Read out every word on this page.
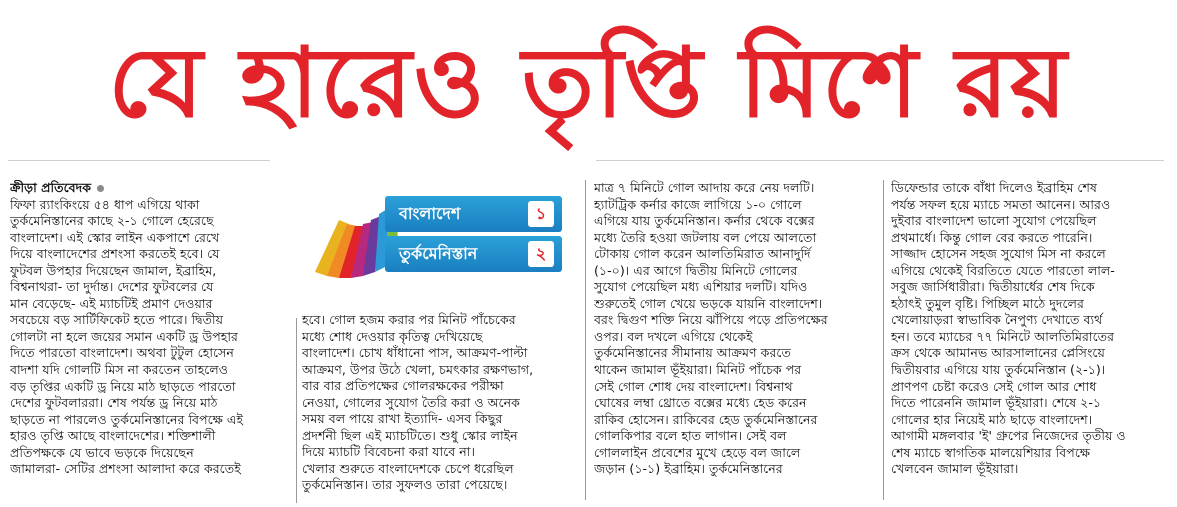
যে হারেও তৃপ্তি মিশে রয়
ক্রীড়া প্রতিবেদক
ফিফা র‍্যাংকিংয়ে ৫৪ ধাপ এগিয়ে থাকা
তুর্কমেনিস্তানের কাছে ২-১ গোলে হেরেছে
বাংলাদেশ। এই স্কোর লাইন একপাশে রেখে
দিয়ে বাংলাদেশের প্রশংসা করতেই হবে। যে
ফুটবল উপহার দিয়েছেন জামাল, ইব্রাহিম,
বিশ্বনাথরা- তা দুর্দান্ত। দেশের ফুটবলের যে
মান বেড়েছে- এই ম্যাচটিই প্রমাণ দেওয়ার
সবচেয়ে বড় সার্টিফিকেট হতে পারে। দ্বিতীয়
গোলটা না হলে জয়ের সমান একটি ড্র উপহার
দিতে পারতো বাংলাদেশ। অথবা টুটুল হোসেন
বাদশা যদি গোলটি মিস না করতেন তাহলেও
বড় তৃপ্তির একটি ড্র নিয়ে মাঠ ছাড়তে পারতো
দেশের ফুটবলাররা। শেষ পর্যন্ত ড্র নিয়ে মাঠ
ছাড়তে না পারলেও তুর্কমেনিস্তানের বিপক্ষে এই
হারও তৃপ্তি আছে বাংলাদেশের। শক্তিশালী
প্রতিপক্ষকে যে ভাবে ভড়কে দিয়েছেন
জামালরা- সেটির প্রশংসা আলাদা করে করতেই
বাংলাদেশ	১
তুর্কমেনিস্তান	২
হবে। গোল হজম করার পর মিনিট পাঁচেকের
মধ্যে শোধ দেওয়ার কৃতিত্ব দেখিয়েছে
বাংলাদেশ। চোখ ধাঁধানো পাস, আক্রমণ-পাল্টা
আক্রমণ, উপর উঠে খেলা, চমৎকার রক্ষণভাগ,
বার বার প্রতিপক্ষের গোলরক্ষকের পরীক্ষা
নেওয়া, গোলের সুযোগ তৈরি করা ও অনেক
সময় বল পায়ে রাখা ইত্যাদি- এসব কিছুর
প্রদর্শনী ছিল এই ম্যাচটিতে। শুধু স্কোর লাইন
দিয়ে ম্যাচটি বিবেচনা করা যাবে না।
খেলার শুরুতে বাংলাদেশকে চেপে ধরেছিল
তুর্কমেনিস্তান। তার সুফলও তারা পেয়েছে।
মাত্র ৭ মিনিটে গোল আদায় করে নেয় দলটি।
হ্যাটট্রিক কর্নার কাজে লাগিয়ে ১-০ গোলে
এগিয়ে যায় তুর্কমেনিস্তান। কর্নার থেকে বক্সের
মধ্যে তৈরি হওয়া জটলায় বল পেয়ে আলতো
টোকায় গোল করেন আলতিমিরাত আনাদুর্দি
(১-০)। এর আগে দ্বিতীয় মিনিটে গোলের
সুযোগ পেয়েছিল মধ্য এশিয়ার দলটি। যদিও
শুরুতেই গোল খেয়ে ভড়কে যায়নি বাংলাদেশ।
বরং দ্বিগুণ শক্তি নিয়ে ঝাঁপিয়ে পড়ে প্রতিপক্ষের
ওপর। বল দখলে এগিয়ে থেকেই
তুর্কমেনিস্তানের সীমানায় আক্রমণ করতে
থাকেন জামাল ভূঁইয়ারা। মিনিট পাঁচেক পর
সেই গোল শোধ দেয় বাংলাদেশ। বিশ্বনাথ
ঘোষের লম্বা থ্রোতে বক্সের মধ্যে হেড করেন
রাকিব হোসেন। রাকিবের হেড তুর্কমেনিস্তানের
গোলকিপার বলে হাত লাগান। সেই বল
গোললাইন প্রবেশের মুখে হেড়ে বল জালে
জড়ান (১-১) ইব্রাহিম। তুর্কমেনিস্তানের
ডিফেন্ডার তাকে বাঁধা দিলেও ইব্রাহিম শেষ
পর্যন্ত সফল হয়ে ম্যাচে সমতা আনেন। আরও
দুইবার বাংলাদেশ ভালো সুযোগ পেয়েছিল
প্রথমার্ধে। কিন্তু গোল বের করতে পারেনি।
সাজ্জাদ হোসেন সহজ সুযোগ মিস না করলে
এগিয়ে থেকেই বিরতিতে যেতে পারতো লাল-
সবুজ জার্সিধারীরা। দ্বিতীয়ার্ধের শেষ দিকে
হঠাৎই তুমুল বৃষ্টি। পিচ্ছিল মাঠে দুদলের
খেলোয়াড়রা স্বাভাবিক নৈপুণ্য দেখাতে ব্যর্থ
হন। তবে ম্যাচের ৭৭ মিনিটে আলতিমিরাতের
ক্রস থেকে আমানভ আরসালানের প্লেসিংয়ে
দ্বিতীয়বার এগিয়ে যায় তুর্কমেনিস্তান (২-১)।
প্রাণপণ চেষ্টা করেও সেই গোল আর শোধ
দিতে পারেননি জামাল ভূঁইয়ারা। শেষে ২-১
গোলের হার নিয়েই মাঠ ছাড়ে বাংলাদেশ।
আগামী মঙ্গলবার 'ই' গ্রুপের নিজেদের তৃতীয় ও
শেষ ম্যাচে স্বাগতিক মালয়েশিয়ার বিপক্ষে
খেলবেন জামাল ভূঁইয়ারা।
